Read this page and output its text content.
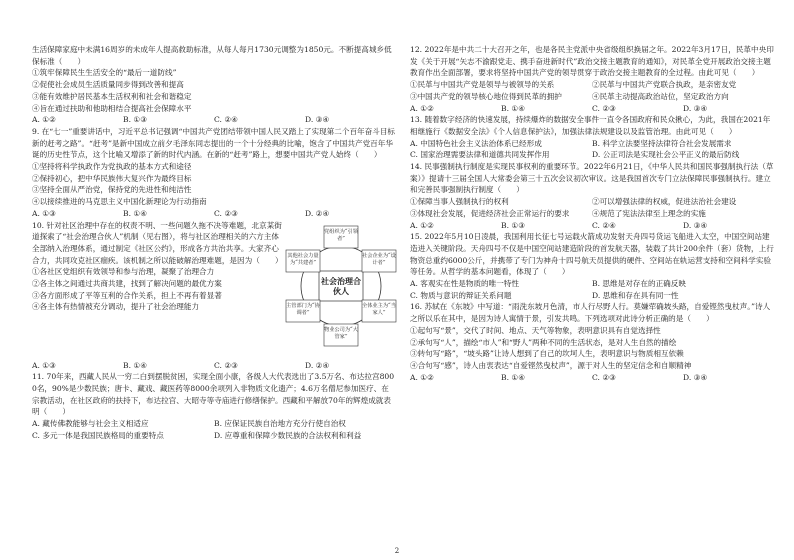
生活保障家庭中未满16周岁的未成年人提高救助标准，从每人每月1730元调整为1850元。不断提高城乡低保标准（　　）

①筑牢保障民生生活安全的“最后一道防线”

②促使社会成员生活质量同步得到改善和提高

③能有效维护居民基本生活权利和社会和谐稳定

④旨在通过扶助和他助相结合提高社会保障水平

A. ①②	B. ①③	C. ②④	D. ③④

9. 在“七一”重要讲话中，习近平总书记强调“中国共产党团结带领中国人民又踏上了实现第二个百年奋斗目标新的赶考之路”。“赶考”是新中国成立前夕毛泽东同志提出的一个十分经典的比喻，饱含了中国共产党百年华诞的历史性节点，这个比喻又增添了新的时代内涵。在新的“赶考”路上，想要中国共产党人始终（　　）

①坚持将科学执政作为党执政的基本方式和途径

②保持初心，把中华民族伟大复兴作为最终目标

③坚持全面从严治党，保持党的先进性和纯洁性

④以接续推进的马克思主义中国化新理论为行动指南

A. ①③	B. ①④	C. ②③	D. ②④

10. 针对社区治理中存在的权责不明、一些问题久拖不决等难题，北京某街道探索了“社会治理合伙人”机制（见右图），将与社区治理相关的六方主体全部纳入治理体系，通过制定《社区公约》，形成各方共治共享。大家齐心合力，共同攻克社区痼疾。该机制之所以能破解治理难题，是因为（　　）

①各社区党组织有效领导和参与治理，凝聚了治理合力

②各主体之间通过共商共建，找到了解决问题的最优方案

③各方面形成了平等互利的合作关系，担上不再有着显著

④各主体有热情被充分调动，提升了社会治理能力

社会治理合伙人
党组织为“引领者”
社会企业为“设计者”
全体业主为“当家人”
物业公司为“大管家”
主管部门为“协调者”
其他社会力量为“共建者”
A. ①③	B. ①④	C. ②③	D. ②④

11. 70年来，西藏人民从一穷二白到摆脱贫困，实现全面小康，各级人大代表选出了3.5万名、布达拉宫8000名，90%是少数民族；唐卡、藏戏、藏医药等8000余项列入非物质文化遗产；4.6万名僧尼参加医疗、在宗教活动，在社区政府的扶持下，布达拉宫、大昭寺等寺庙进行修缮保护。西藏和平解放70年的辉煌成就表明（　　）

A. 藏传佛教能够与社会主义相适应	B. 应保证民族自治地方充分行使自治权
C. 多元一体是我国民族格局的重要特点	D. 应尊重和保障少数民族的合法权利和利益

12. 2022年是中共二十大召开之年，也是各民主党派中央省级组织换届之年。2022年3月17日，民革中央印发《关于开展“矢志不渝跟党走、携手奋进新时代”政治交接主题教育的通知》，对民革全党开展政治交接主题教育作出全面部署，要求将坚持中国共产党的领导贯穿于政治交接主题教育的全过程。由此可见（　　）

①民革与中国共产党是领导与被领导的关系	②民革与中国共产党联合执政，是亲密友党
③中国共产党的领导核心地位得到民革的拥护	④民革主动提高政治站位，坚定政治方向
A. ①②	B. ①④	C. ②③	D. ③④

13. 随着数字经济的快速发展，持续爆炸的数据安全事件一直令各国政府和民众揪心，为此，我国在2021年相继施行《数据安全法》《个人信息保护法》，加强法律法规建设以及监管治理。由此可见（　　）

A. 中国特色社会主义法治体系已经形成	B. 科学立法要坚持法律符合社会发展需求
C. 国家治理需要法律和道德共同发挥作用	D. 公正司法是实现社会公平正义的最后防线

14. 民事强制执行制度是实现民事权利的重要环节。2022年6月21日，《中华人民共和国民事强制执行法（草案）》提请十三届全国人大常委会第三十五次会议初次审议。这是我国首次专门立法保障民事强制执行。建立和完善民事强制执行制度（　　）

①保障当事人强制执行的权利	②可以增强法律的权威，促进法治社会建设
③体现社会发展，促进经济社会正常运行的要求	④规范了宪法法律至上理念的实施
A. ①②	B. ①③	C. ②④	D. ③④

15. 2022年5月10日凌晨，我国利用长征七号运载火箭成功发射天舟四号货运飞船进入太空，中国空间站建造进入关键阶段。天舟四号不仅是中国空间站建造阶段的首发航天器，装载了共计200余件（套）货物，上行物资总重约6000公斤，并携带了专门为神舟十四号航天员提供的硬件、空间站在轨运营支持和空间科学实验等任务。从哲学的基本问题看，体现了（　　）

A. 客观实在性是物质的唯一特性	B. 思维是对存在的正确反映
C. 物质与意识的辩证关系问题	D. 思维和存在具有同一性

16. 苏轼在《东坡》中写道：“雨洗东坡月色清，市人行尽野人行。莫嫌荦确坡头路，自爱铿然曳杖声。”诗人之所以乐在其中，是因为诗人寓情于景，引发共鸣。下列选项对此诗分析正确的是（　　）

①起句写“景”，交代了时间、地点、天气等物象，表明意识具有自觉选择性

②承句写“人”，描绘“市人”和“野人”两种不同的生活状态，是对人生自然的描绘

③转句写“路”，“坡头路”让诗人想到了自己的坎坷人生，表明意识与物质相互依赖

④合句写“感”，诗人由衷表达“自爱铿然曳杖声”，源于对人生的坚定信念和自顺精神

A. ①②	B. ①④	C. ②③	D. ③④
2
